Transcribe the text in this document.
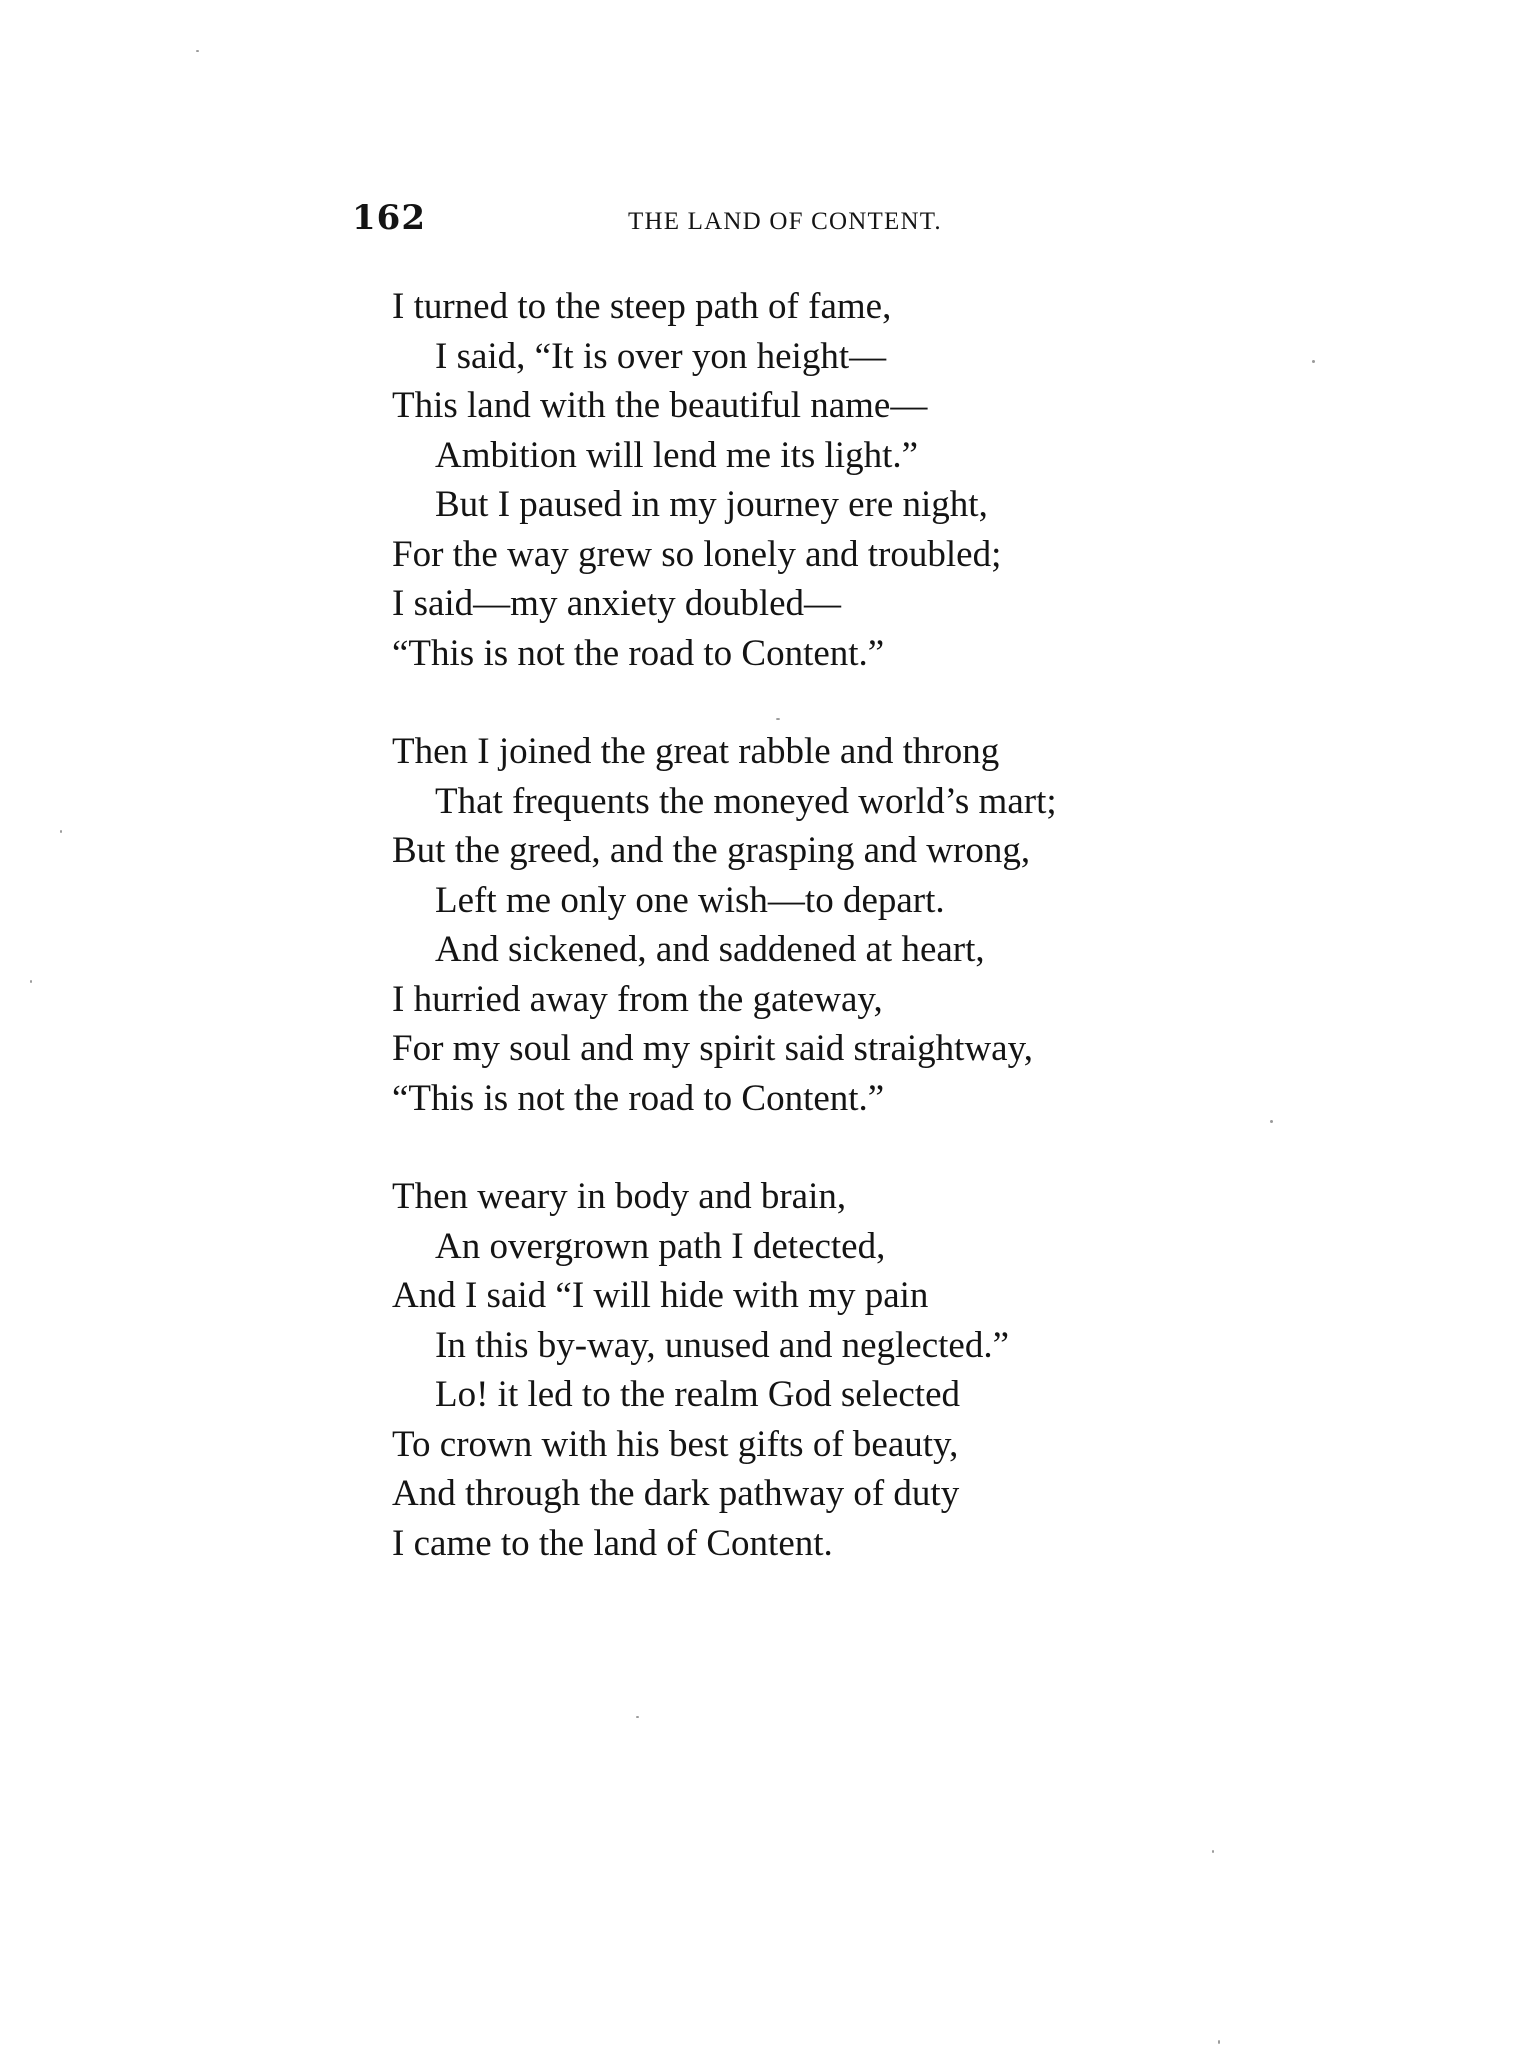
162	THE LAND OF CONTENT.
I turned to the steep path of fame,
I said, “It is over yon height—
This land with the beautiful name—
Ambition will lend me its light.”
But I paused in my journey ere night,
For the way grew so lonely and troubled;
I said—my anxiety doubled—
“This is not the road to Content.”
Then I joined the great rabble and throng
That frequents the moneyed world’s mart;
But the greed, and the grasping and wrong,
Left me only one wish—to depart.
And sickened, and saddened at heart,
I hurried away from the gateway,
For my soul and my spirit said straightway,
“This is not the road to Content.”
Then weary in body and brain,
An overgrown path I detected,
And I said “I will hide with my pain
In this by-way, unused and neglected.”
Lo! it led to the realm God selected
To crown with his best gifts of beauty,
And through the dark pathway of duty
I came to the land of Content.
